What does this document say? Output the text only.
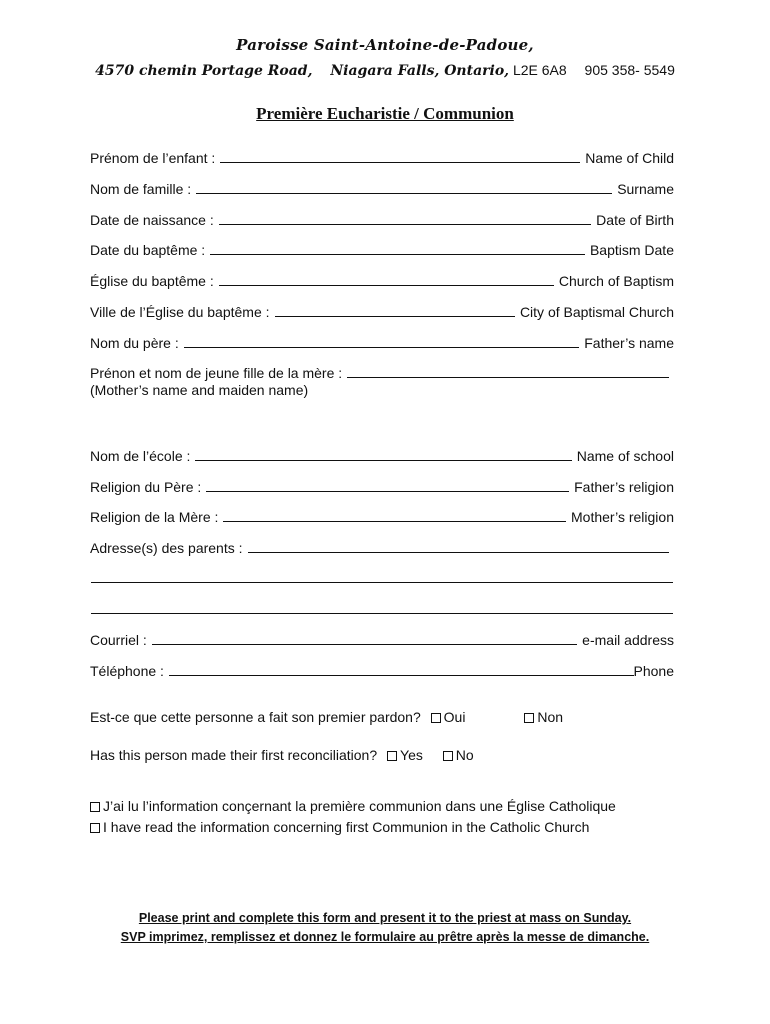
Paroisse Saint-Antoine-de-Padoue,
4570 chemin Portage Road, Niagara Falls, Ontario, L2E 6A8 905 358- 5549
Première Eucharistie / Communion
Prénom de l’enfant :	Name of Child
Nom de famille :	Surname
Date de naissance :	Date of Birth
Date du baptême :	Baptism Date
Église du baptême :	Church of Baptism
Ville de l’Église du baptême :	City of Baptismal Church
Nom du père :	Father’s name
Prénon et nom de jeune fille de la mère :
(Mother’s name and maiden name)
Nom de l’école :	Name of school
Religion du Père :	Father’s religion
Religion de la Mère :	Mother’s religion
Adresse(s) des parents :
Courriel :	e-mail address
Téléphone :	Phone
Est-ce que cette personne a fait son premier pardon? Oui	Non
Has this person made their first reconciliation? Yes No
J’ai lu l’information conçernant la première communion dans une Église Catholique
I have read the information concerning first Communion in the Catholic Church
Please print and complete this form and present it to the priest at mass on Sunday.
SVP imprimez, remplissez et donnez le formulaire au prêtre après la messe de dimanche.
